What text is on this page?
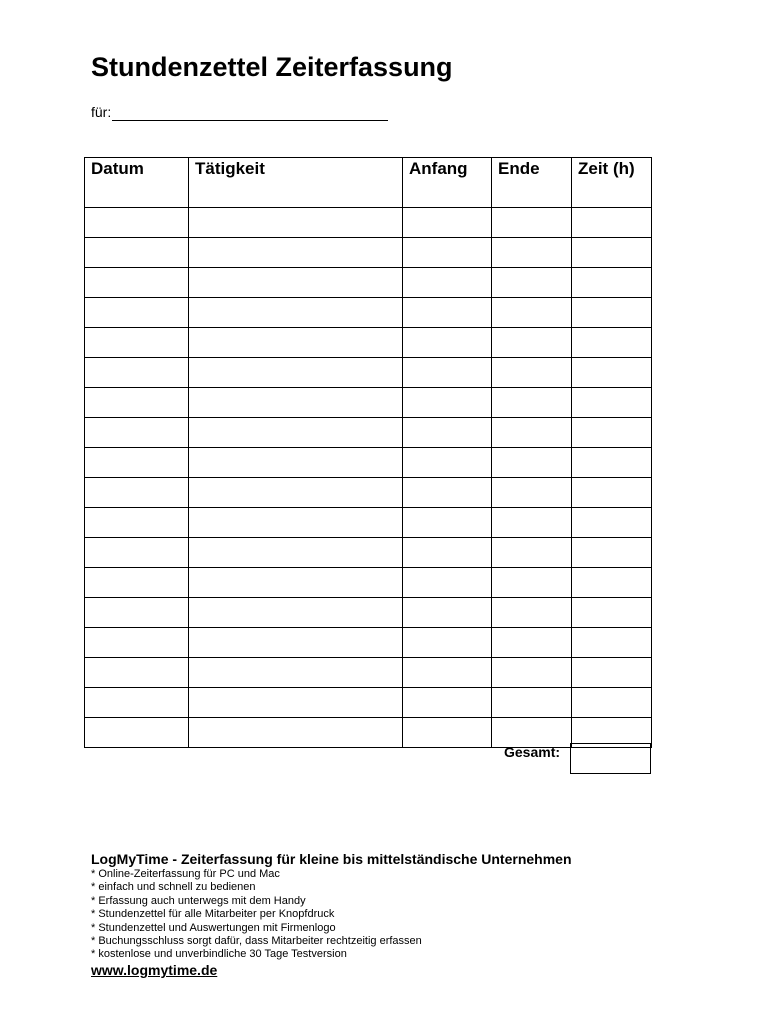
Stundenzettel Zeiterfassung
für:
Datum	Tätigkeit	Anfang	Ende	Zeit (h)

Gesamt:
LogMyTime - Zeiterfassung für kleine bis mittelständische Unternehmen
* Online-Zeiterfassung für PC und Mac
* einfach und schnell zu bedienen
* Erfassung auch unterwegs mit dem Handy
* Stundenzettel für alle Mitarbeiter per Knopfdruck
* Stundenzettel und Auswertungen mit Firmenlogo
* Buchungsschluss sorgt dafür, dass Mitarbeiter rechtzeitig erfassen
* kostenlose und unverbindliche 30 Tage Testversion
www.logmytime.de
